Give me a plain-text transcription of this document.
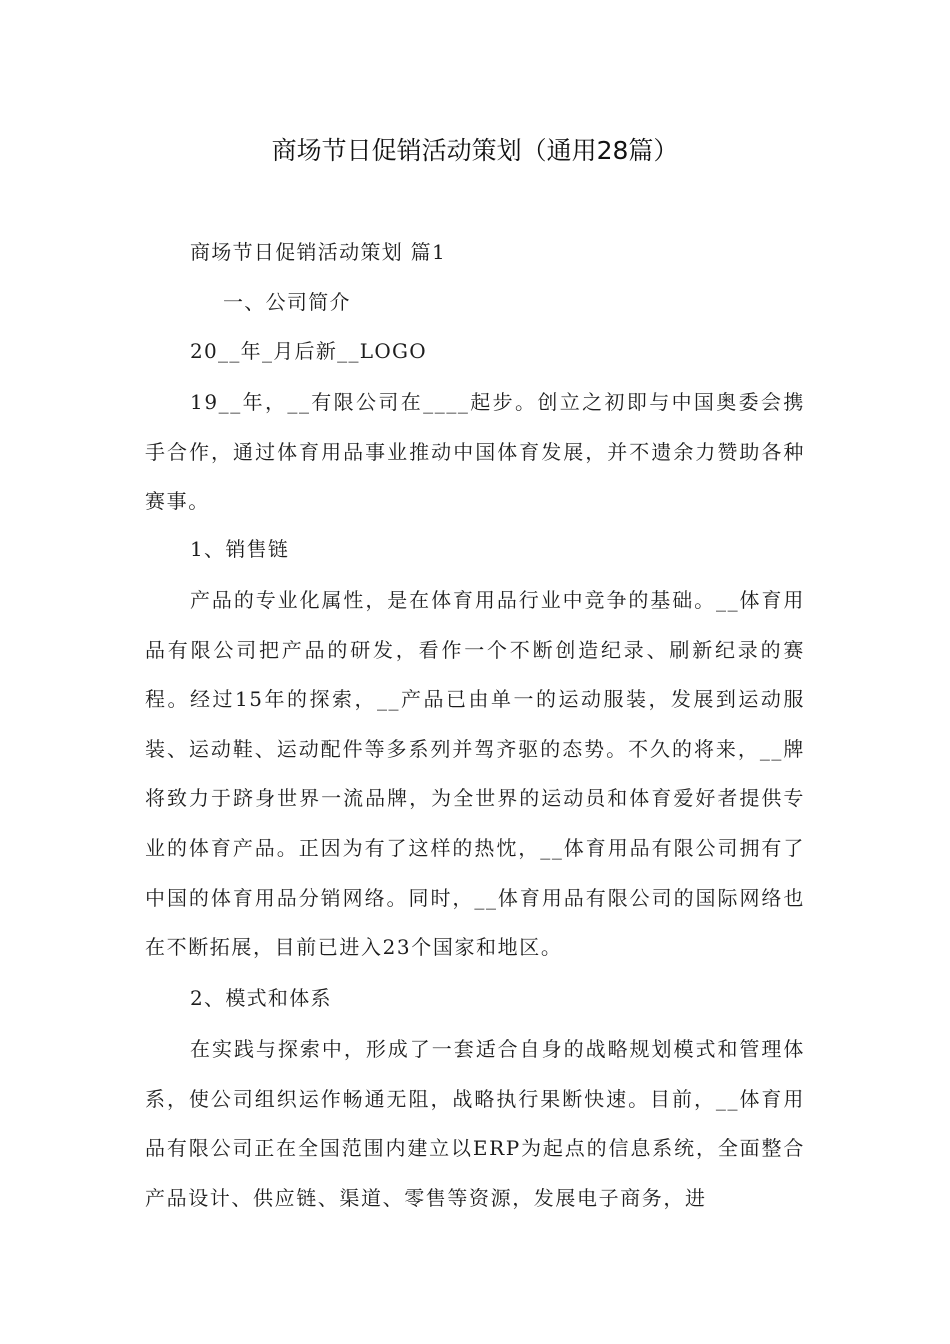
商场节日促销活动策划（通用28篇）
商场节日促销活动策划 篇1
一、公司简介
20__年_月后新__LOGO
19__年，__有限公司在____起步。创立之初即与中国奥委会携手合作，通过体育用品事业推动中国体育发展，并不遗余力赞助各种赛事。
1、销售链
产品的专业化属性，是在体育用品行业中竞争的基础。__体育用品有限公司把产品的研发，看作一个不断创造纪录、刷新纪录的赛程。经过15年的探索，__产品已由单一的运动服装，发展到运动服装、运动鞋、运动配件等多系列并驾齐驱的态势。不久的将来，__牌将致力于跻身世界一流品牌，为全世界的运动员和体育爱好者提供专业的体育产品。正因为有了这样的热忱，__体育用品有限公司拥有了中国的体育用品分销网络。同时，__体育用品有限公司的国际网络也在不断拓展，目前已进入23个国家和地区。
2、模式和体系
在实践与探索中，形成了一套适合自身的战略规划模式和管理体系，使公司组织运作畅通无阻，战略执行果断快速。目前，__体育用品有限公司正在全国范围内建立以ERP为起点的信息系统，全面整合产品设计、供应链、渠道、零售等资源，发展电子商务，进
